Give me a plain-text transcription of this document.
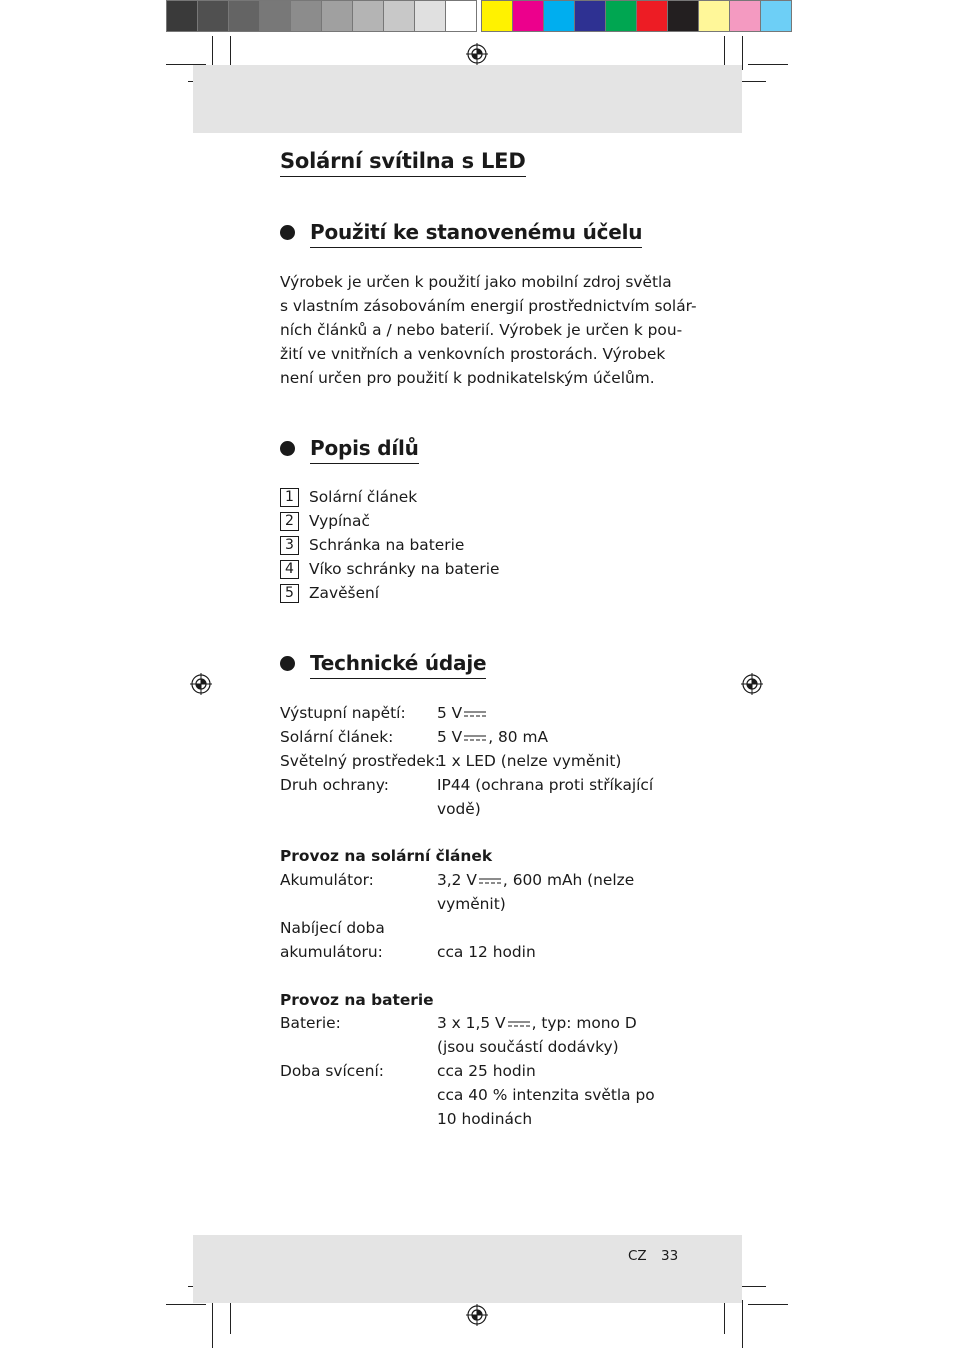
Solární svítilna s LED
Použití ke stanovenému účelu
Výrobek je určen k použití jako mobilní zdroj světla
s vlastním zásobováním energií prostřednictvím solár-
ních článků a / nebo baterií. Výrobek je určen k pou-
žití ve vnitřních a venkovních prostorách. Výrobek
není určen pro použití k podnikatelským účelům.
Popis dílů
1 Solární článek
2 Vypínač
3 Schránka na baterie
4 Víko schránky na baterie
5 Zavěšení
Technické údaje
Výstupní napětí: 5 V
Solární článek:	5 V , 80 mA
Světelný prostředek:
1 x LED (nelze vyměnit)
Druh ochrany:	IP44 (ochrana proti stříkající
vodě)
Provoz na solární článek
Akumulátor:	3,2 V , 600 mAh (nelze
vyměnit)
Nabíjecí doba
akumulátoru:	cca 12 hodin
Provoz na baterie
Baterie:	3 x 1,5 V , typ: mono D
(jsou součástí dodávky)
Doba svícení:	cca 25 hodin
cca 40 % intenzita světla po
10 hodinách
CZ 33
